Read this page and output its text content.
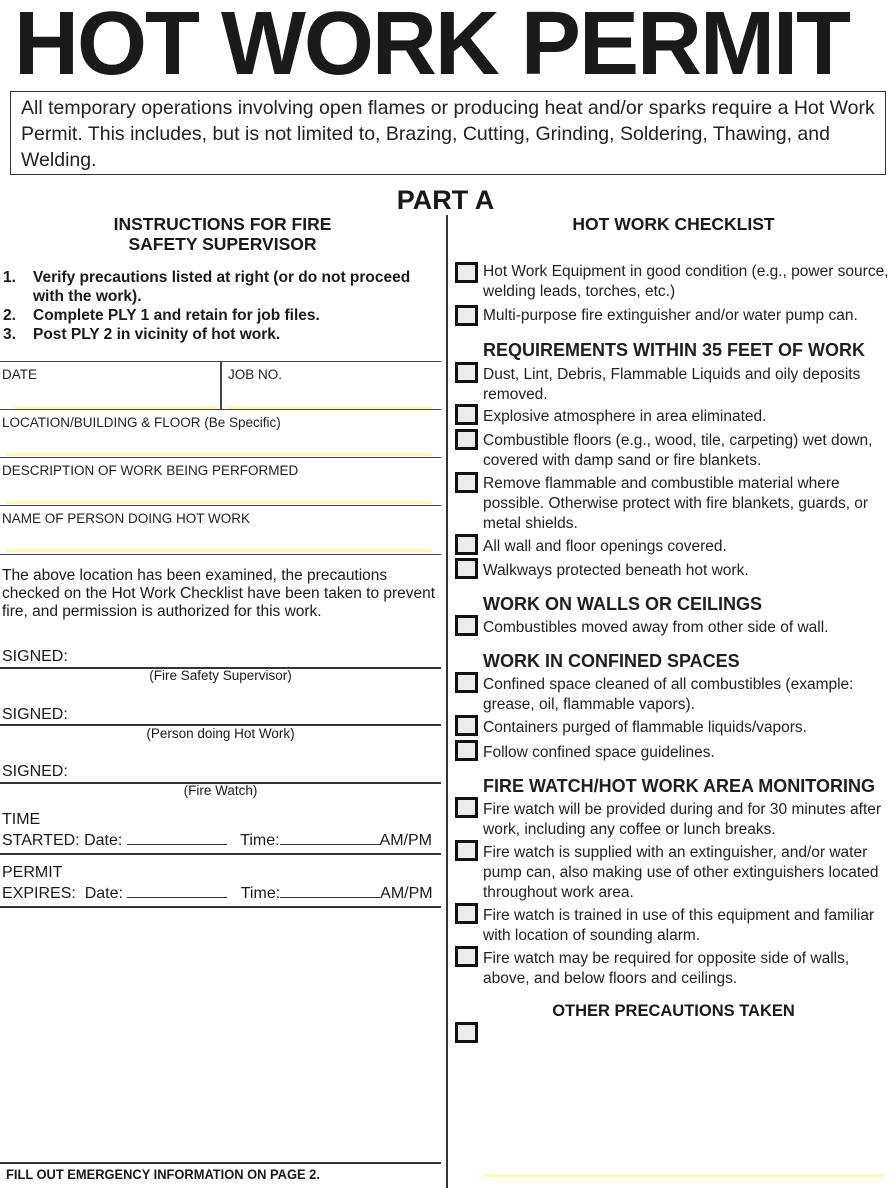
HOT WORK PERMIT
All temporary operations involving open flames or producing heat and/or sparks require a Hot Work Permit. This includes, but is not limited to, Brazing, Cutting, Grinding, Soldering, Thawing, and Welding.
PART A
INSTRUCTIONS FOR FIRE
SAFETY SUPERVISOR
1.	Verify precautions listed at right (or do not proceed with the work).
2.	Complete PLY 1 and retain for job files.
3.	Post PLY 2 in vicinity of hot work.
DATE	JOB NO.
LOCATION/BUILDING & FLOOR (Be Specific)
DESCRIPTION OF WORK BEING PERFORMED
NAME OF PERSON DOING HOT WORK
The above location has been examined, the precautions checked on the Hot Work Checklist have been taken to prevent fire, and permission is authorized for this work.
SIGNED:
(Fire Safety Supervisor)
SIGNED:
(Person doing Hot Work)
SIGNED:
(Fire Watch)
TIME
STARTED: Date:	Time:	AM/PM
PERMIT
EXPIRES: Date:	Time:	AM/PM
FILL OUT EMERGENCY INFORMATION ON PAGE 2.
HOT WORK CHECKLIST
Hot Work Equipment in good condition (e.g., power source, welding leads, torches, etc.)
Multi-purpose fire extinguisher and/or water pump can.
REQUIREMENTS WITHIN 35 FEET OF WORK
Dust, Lint, Debris, Flammable Liquids and oily deposits removed.
Explosive atmosphere in area eliminated.
Combustible floors (e.g., wood, tile, carpeting) wet down, covered with damp sand or fire blankets.
Remove flammable and combustible material where possible. Otherwise protect with fire blankets, guards, or metal shields.
All wall and floor openings covered.
Walkways protected beneath hot work.
WORK ON WALLS OR CEILINGS
Combustibles moved away from other side of wall.
WORK IN CONFINED SPACES
Confined space cleaned of all combustibles (example: grease, oil, flammable vapors).
Containers purged of flammable liquids/vapors.
Follow confined space guidelines.
FIRE WATCH/HOT WORK AREA MONITORING
Fire watch will be provided during and for 30 minutes after work, including any coffee or lunch breaks.
Fire watch is supplied with an extinguisher, and/or water pump can, also making use of other extinguishers located throughout work area.
Fire watch is trained in use of this equipment and familiar with location of sounding alarm.
Fire watch may be required for opposite side of walls, above, and below floors and ceilings.
OTHER PRECAUTIONS TAKEN
